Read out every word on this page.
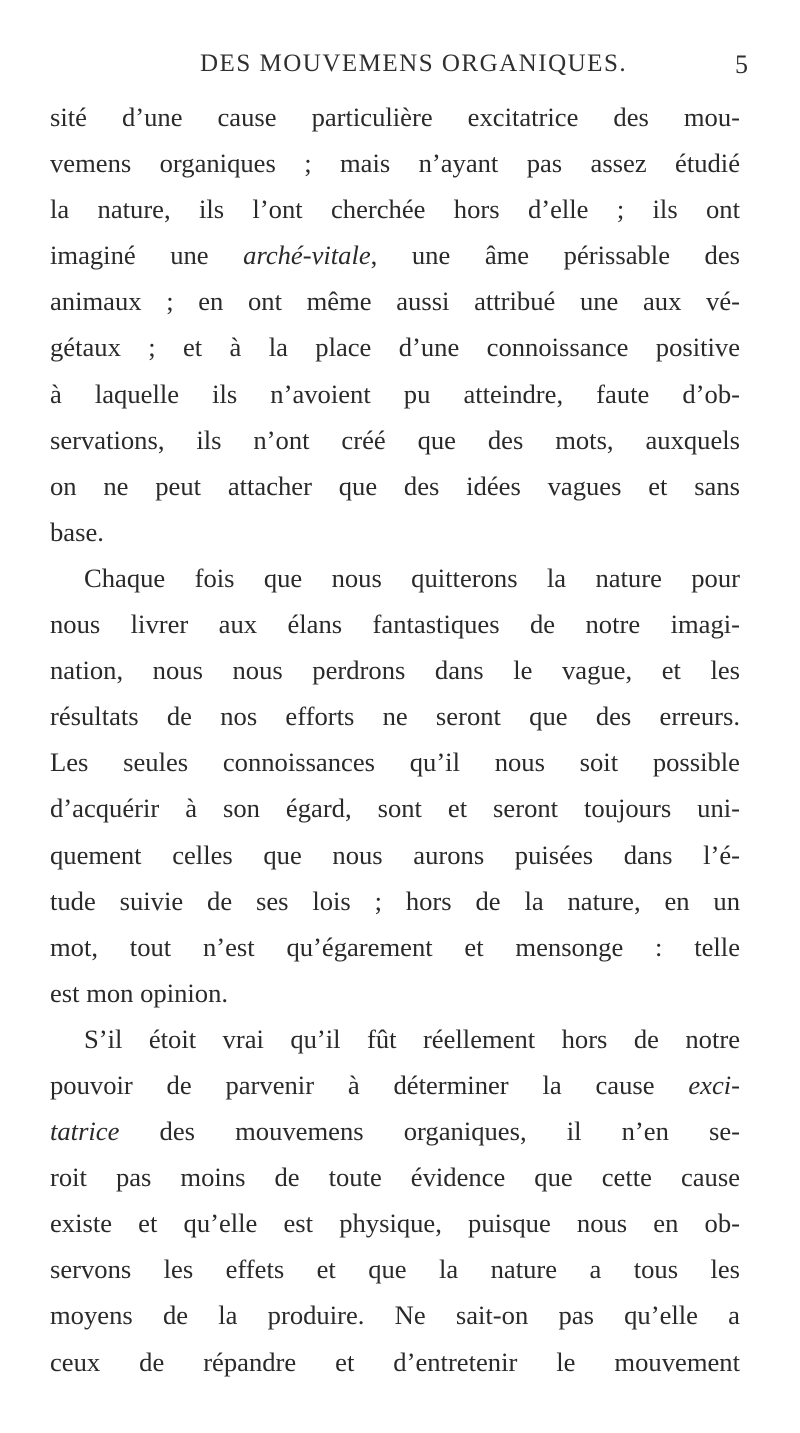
DES MOUVEMENS ORGANIQUES.	5
sité d’une cause particulière excitatrice des mou-
vemens organiques ; mais n’ayant pas assez étudié
la nature, ils l’ont cherchée hors d’elle ; ils ont
imaginé une arché-vitale, une âme périssable des
animaux ; en ont même aussi attribué une aux vé-
gétaux ; et à la place d’une connoissance positive
à laquelle ils n’avoient pu atteindre, faute d’ob-
servations, ils n’ont créé que des mots, auxquels
on ne peut attacher que des idées vagues et sans
base.
Chaque fois que nous quitterons la nature pour
nous livrer aux élans fantastiques de notre imagi-
nation, nous nous perdrons dans le vague, et les
résultats de nos efforts ne seront que des erreurs.
Les seules connoissances qu’il nous soit possible
d’acquérir à son égard, sont et seront toujours uni-
quement celles que nous aurons puisées dans l’é-
tude suivie de ses lois ; hors de la nature, en un
mot, tout n’est qu’égarement et mensonge : telle
est mon opinion.
S’il étoit vrai qu’il fût réellement hors de notre
pouvoir de parvenir à déterminer la cause exci-
tatrice des mouvemens organiques, il n’en se-
roit pas moins de toute évidence que cette cause
existe et qu’elle est physique, puisque nous en ob-
servons les effets et que la nature a tous les
moyens de la produire. Ne sait-on pas qu’elle a
ceux de répandre et d’entretenir le mouvement
